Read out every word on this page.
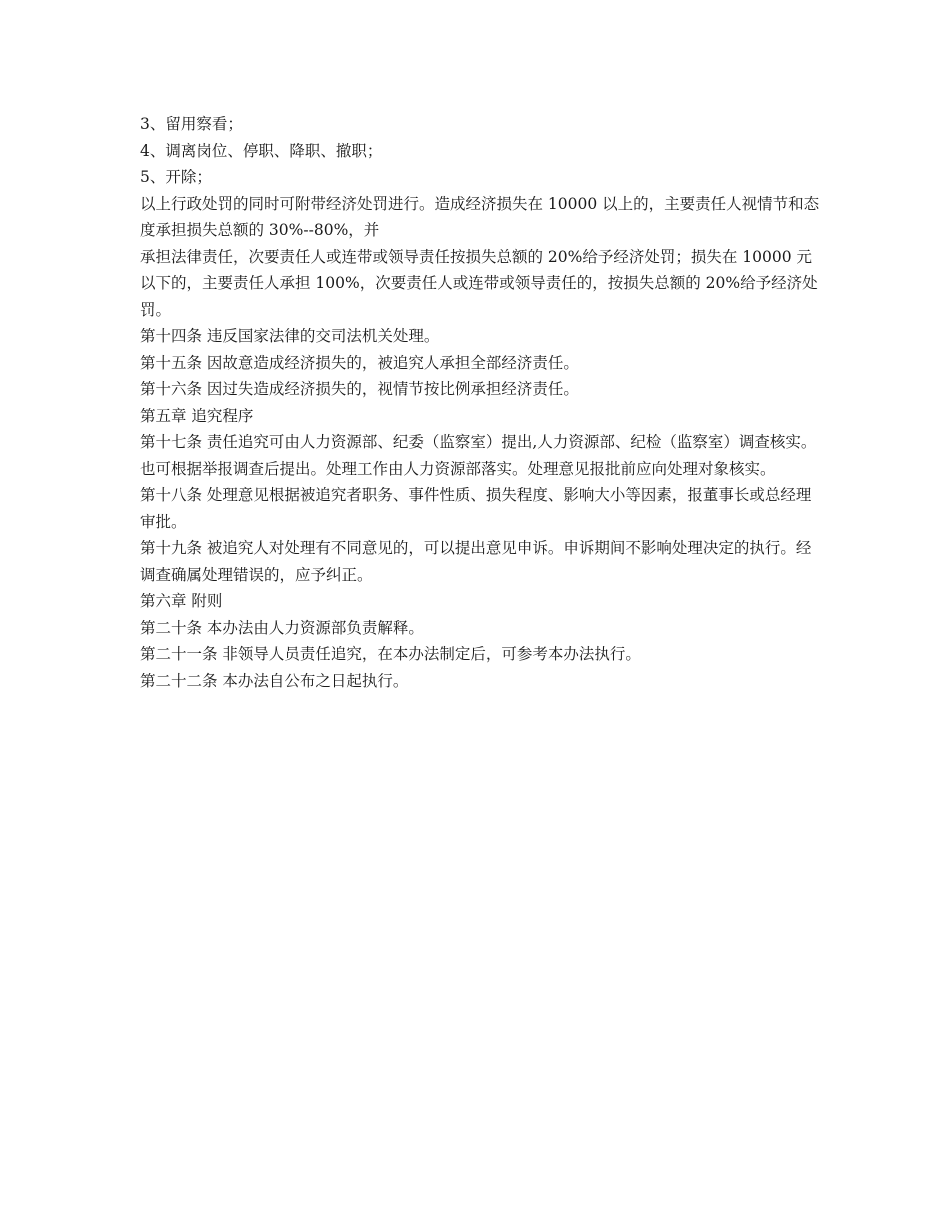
3、留用察看；

4、调离岗位、停职、降职、撤职；

5、开除；

以上行政处罚的同时可附带经济处罚进行。造成经济损失在 10000 以上的，主要责任人视情节和态度承担损失总额的 30%--80%，并

承担法律责任，次要责任人或连带或领导责任按损失总额的 20%给予经济处罚；损失在 10000 元以下的，主要责任人承担 100%，次要责任人或连带或领导责任的，按损失总额的 20%给予经济处罚。

第十四条 违反国家法律的交司法机关处理。

第十五条 因故意造成经济损失的，被追究人承担全部经济责任。

第十六条 因过失造成经济损失的，视情节按比例承担经济责任。

第五章 追究程序

第十七条 责任追究可由人力资源部、纪委（监察室）提出,人力资源部、纪检（监察室）调查核实。也可根据举报调查后提出。处理工作由人力资源部落实。处理意见报批前应向处理对象核实。

第十八条 处理意见根据被追究者职务、事件性质、损失程度、影响大小等因素，报董事长或总经理审批。

第十九条 被追究人对处理有不同意见的，可以提出意见申诉。申诉期间不影响处理决定的执行。经调查确属处理错误的，应予纠正。

第六章 附则

第二十条 本办法由人力资源部负责解释。

第二十一条 非领导人员责任追究，在本办法制定后，可参考本办法执行。

第二十二条 本办法自公布之日起执行。
